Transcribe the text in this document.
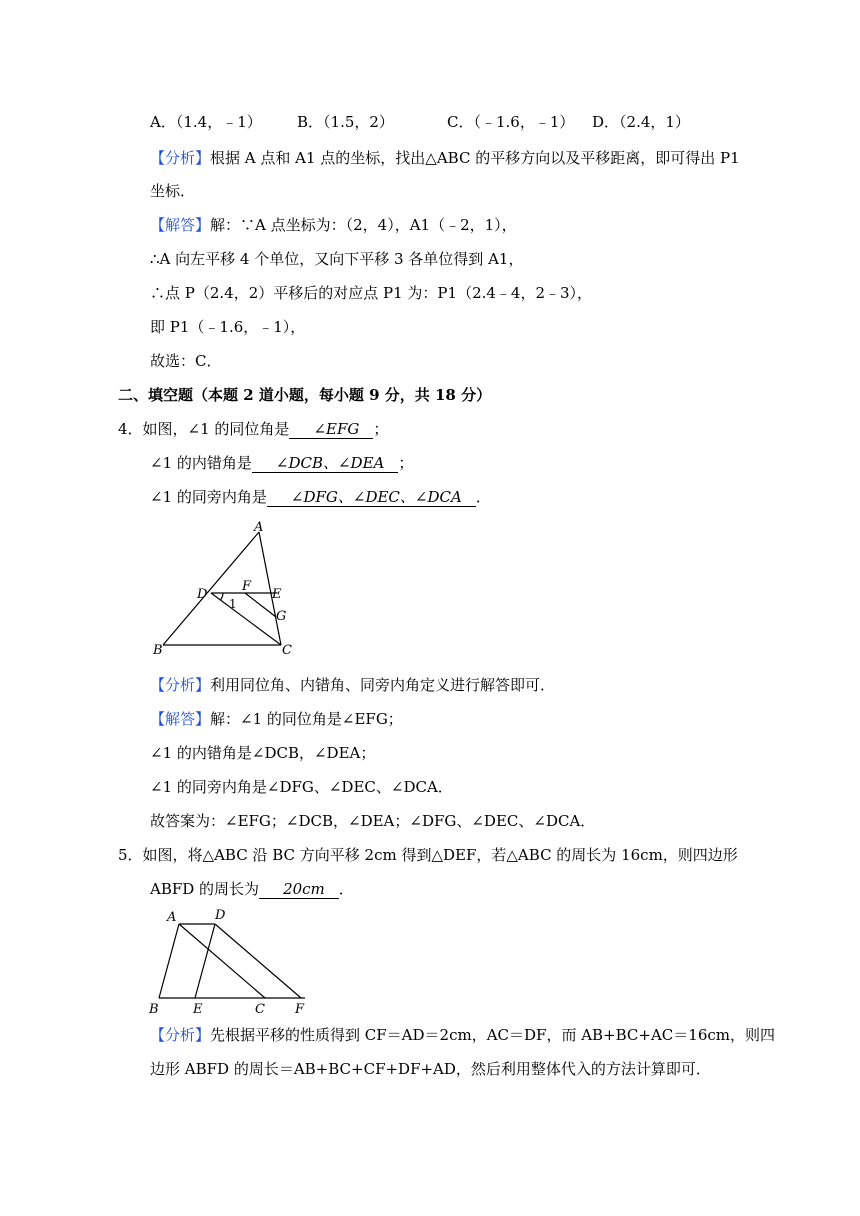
A．（1.4，﹣1） B．（1.5，2）	C．（﹣1.6，﹣1） D．（2.4，1）
【分析】根据 A 点和 A1 点的坐标，找出△ABC 的平移方向以及平移距离，即可得出 P1
坐标．
【解答】解：∵A 点坐标为：（2，4），A1（﹣2，1），
∴A 向左平移 4 个单位，又向下平移 3 各单位得到 A1，
∴点 P（2.4，2）平移后的对应点 P1 为：P1（2.4﹣4，2﹣3），
即 P1（﹣1.6，﹣1），
故选：C．
二、填空题（本题 2 道小题，每小题 9 分，共 18 分）
4．如图，∠1 的同位角是 ∠EFG ；
∠1 的内错角是 ∠DCB、∠DEA ；
∠1 的同旁内角是 ∠DFG、∠DEC、∠DCA ．
A
D
F
E
1
G
B	C
【分析】利用同位角、内错角、同旁内角定义进行解答即可．
【解答】解：∠1 的同位角是∠EFG；
∠1 的内错角是∠DCB，∠DEA；
∠1 的同旁内角是∠DFG、∠DEC、∠DCA．
故答案为：∠EFG；∠DCB，∠DEA；∠DFG、∠DEC、∠DCA．
5．如图，将△ABC 沿 BC 方向平移 2cm 得到△DEF，若△ABC 的周长为 16cm，则四边形
ABFD 的周长为 20cm ．
A	D
B	E	C F
【分析】先根据平移的性质得到 CF＝AD＝2cm，AC＝DF，而 AB+BC+AC＝16cm，则四
边形 ABFD 的周长＝AB+BC+CF+DF+AD，然后利用整体代入的方法计算即可．
